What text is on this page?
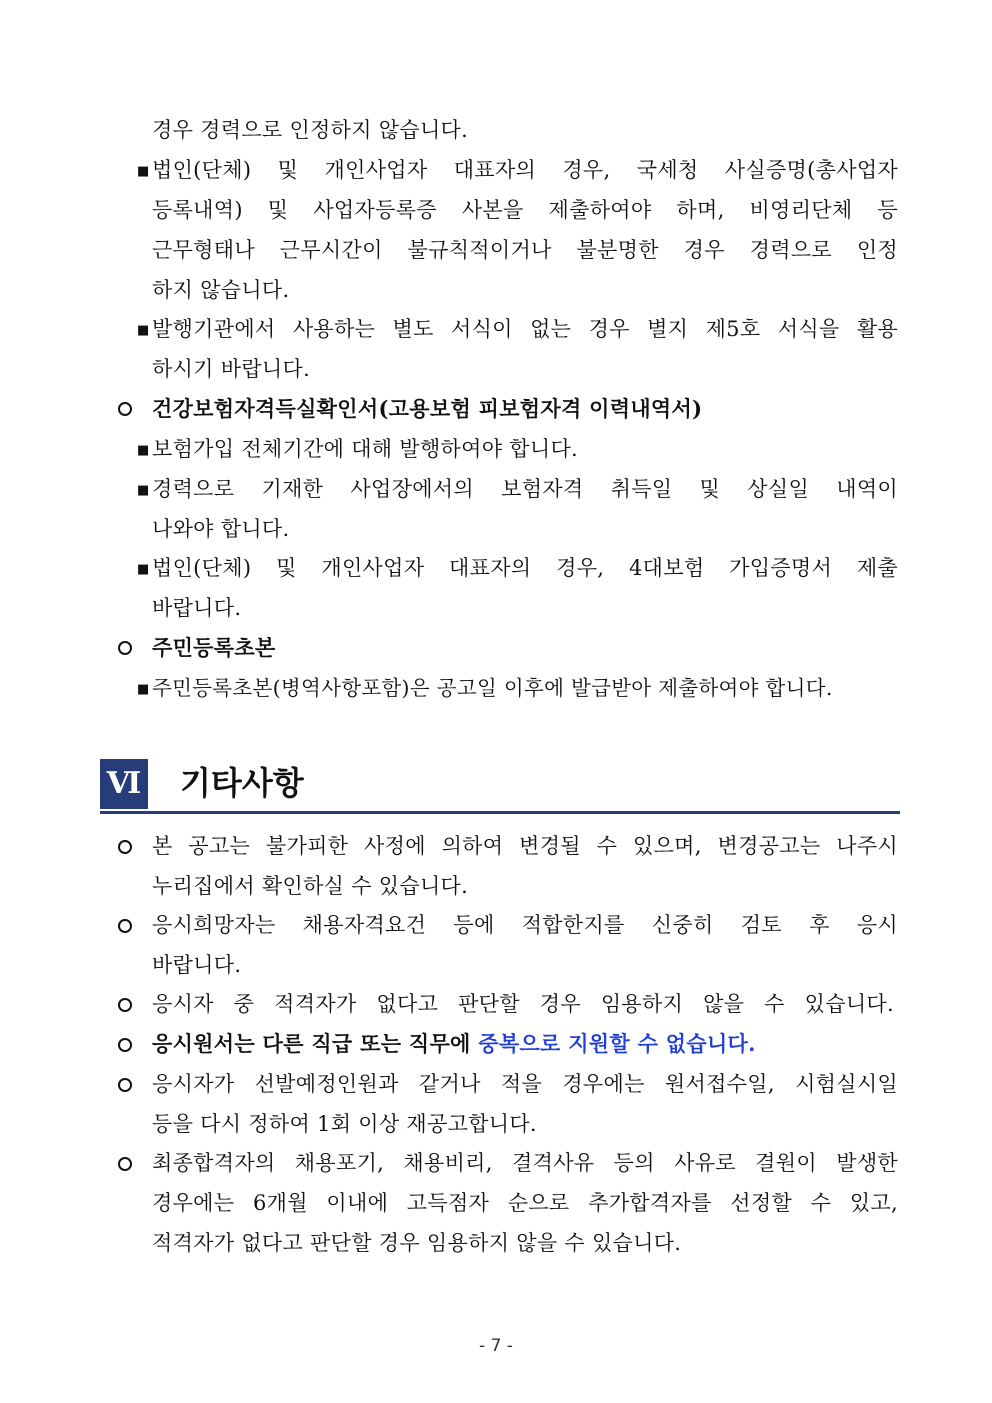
경우 경력으로 인정하지 않습니다.
■ 법인(단체) 및 개인사업자 대표자의 경우, 국세청 사실증명(총사업자
등록내역) 및 사업자등록증 사본을 제출하여야 하며, 비영리단체 등
근무형태나 근무시간이 불규칙적이거나 불분명한 경우 경력으로 인정
하지 않습니다.
■ 발행기관에서 사용하는 별도 서식이 없는 경우 별지 제5호 서식을 활용
하시기 바랍니다.
건강보험자격득실확인서(고용보험 피보험자격 이력내역서)
■ 보험가입 전체기간에 대해 발행하여야 합니다.
■ 경력으로 기재한 사업장에서의 보험자격 취득일 및 상실일 내역이
나와야 합니다.
■ 법인(단체) 및 개인사업자 대표자의 경우, 4대보험 가입증명서 제출
바랍니다.
주민등록초본
■ 주민등록초본(병역사항포함)은 공고일 이후에 발급받아 제출하여야 합니다.
Ⅵ 기타사항
본 공고는 불가피한 사정에 의하여 변경될 수 있으며, 변경공고는 나주시
누리집에서 확인하실 수 있습니다.
응시희망자는 채용자격요건 등에 적합한지를 신중히 검토 후 응시
바랍니다.
응시자 중 적격자가 없다고 판단할 경우 임용하지 않을 수 있습니다.
응시원서는 다른 직급 또는 직무에 중복으로 지원할 수 없습니다.
응시자가 선발예정인원과 같거나 적을 경우에는 원서접수일, 시험실시일
등을 다시 정하여 1회 이상 재공고합니다.
최종합격자의 채용포기, 채용비리, 결격사유 등의 사유로 결원이 발생한
경우에는 6개월 이내에 고득점자 순으로 추가합격자를 선정할 수 있고,
적격자가 없다고 판단할 경우 임용하지 않을 수 있습니다.
- 7 -
